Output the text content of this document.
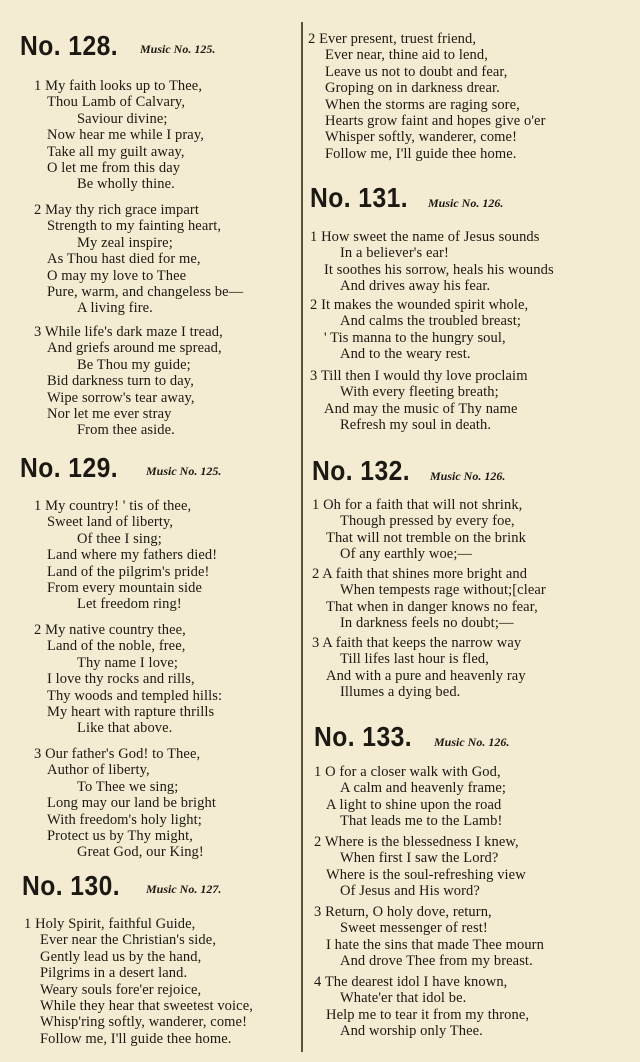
No. 128.	Music No. 125.
1 My faith looks up to Thee,
Thou Lamb of Calvary,
Saviour divine;
Now hear me while I pray,
Take all my guilt away,
O let me from this day
Be wholly thine.
2 May thy rich grace impart
Strength to my fainting heart,
My zeal inspire;
As Thou hast died for me,
O may my love to Thee
Pure, warm, and changeless be—
A living fire.
3 While life's dark maze I tread,
And griefs around me spread,
Be Thou my guide;
Bid darkness turn to day,
Wipe sorrow's tear away,
Nor let me ever stray
From thee aside.
No. 129.	Music No. 125.
1 My country! ' tis of thee,
Sweet land of liberty,
Of thee I sing;
Land where my fathers died!
Land of the pilgrim's pride!
From every mountain side
Let freedom ring!
2 My native country thee,
Land of the noble, free,
Thy name I love;
I love thy rocks and rills,
Thy woods and templed hills:
My heart with rapture thrills
Like that above.
3 Our father's God! to Thee,
Author of liberty,
To Thee we sing;
Long may our land be bright
With freedom's holy light;
Protect us by Thy might,
Great God, our King!
No. 130.	Music No. 127.
1 Holy Spirit, faithful Guide,
Ever near the Christian's side,
Gently lead us by the hand,
Pilgrims in a desert land.
Weary souls fore'er rejoice,
While they hear that sweetest voice,
Whisp'ring softly, wanderer, come!
Follow me, I'll guide thee home.
2 Ever present, truest friend,
Ever near, thine aid to lend,
Leave us not to doubt and fear,
Groping on in darkness drear.
When the storms are raging sore,
Hearts grow faint and hopes give o'er
Whisper softly, wanderer, come!
Follow me, I'll guide thee home.
No. 131.	Music No. 126.
1 How sweet the name of Jesus sounds
In a believer's ear!
It soothes his sorrow, heals his wounds
And drives away his fear.
2 It makes the wounded spirit whole,
And calms the troubled breast;
' Tis manna to the hungry soul,
And to the weary rest.
3 Till then I would thy love proclaim
With every fleeting breath;
And may the music of Thy name
Refresh my soul in death.
No. 132.	Music No. 126.
1 Oh for a faith that will not shrink,
Though pressed by every foe,
That will not tremble on the brink
Of any earthly woe;—
2 A faith that shines more bright and
When tempests rage without;[clear
That when in danger knows no fear,
In darkness feels no doubt;—
3 A faith that keeps the narrow way
Till lifes last hour is fled,
And with a pure and heavenly ray
Illumes a dying bed.
No. 133.	Music No. 126.
1 O for a closer walk with God,
A calm and heavenly frame;
A light to shine upon the road
That leads me to the Lamb!
2 Where is the blessedness I knew,
When first I saw the Lord?
Where is the soul-refreshing view
Of Jesus and His word?
3 Return, O holy dove, return,
Sweet messenger of rest!
I hate the sins that made Thee mourn
And drove Thee from my breast.
4 The dearest idol I have known,
Whate'er that idol be.
Help me to tear it from my throne,
And worship only Thee.
